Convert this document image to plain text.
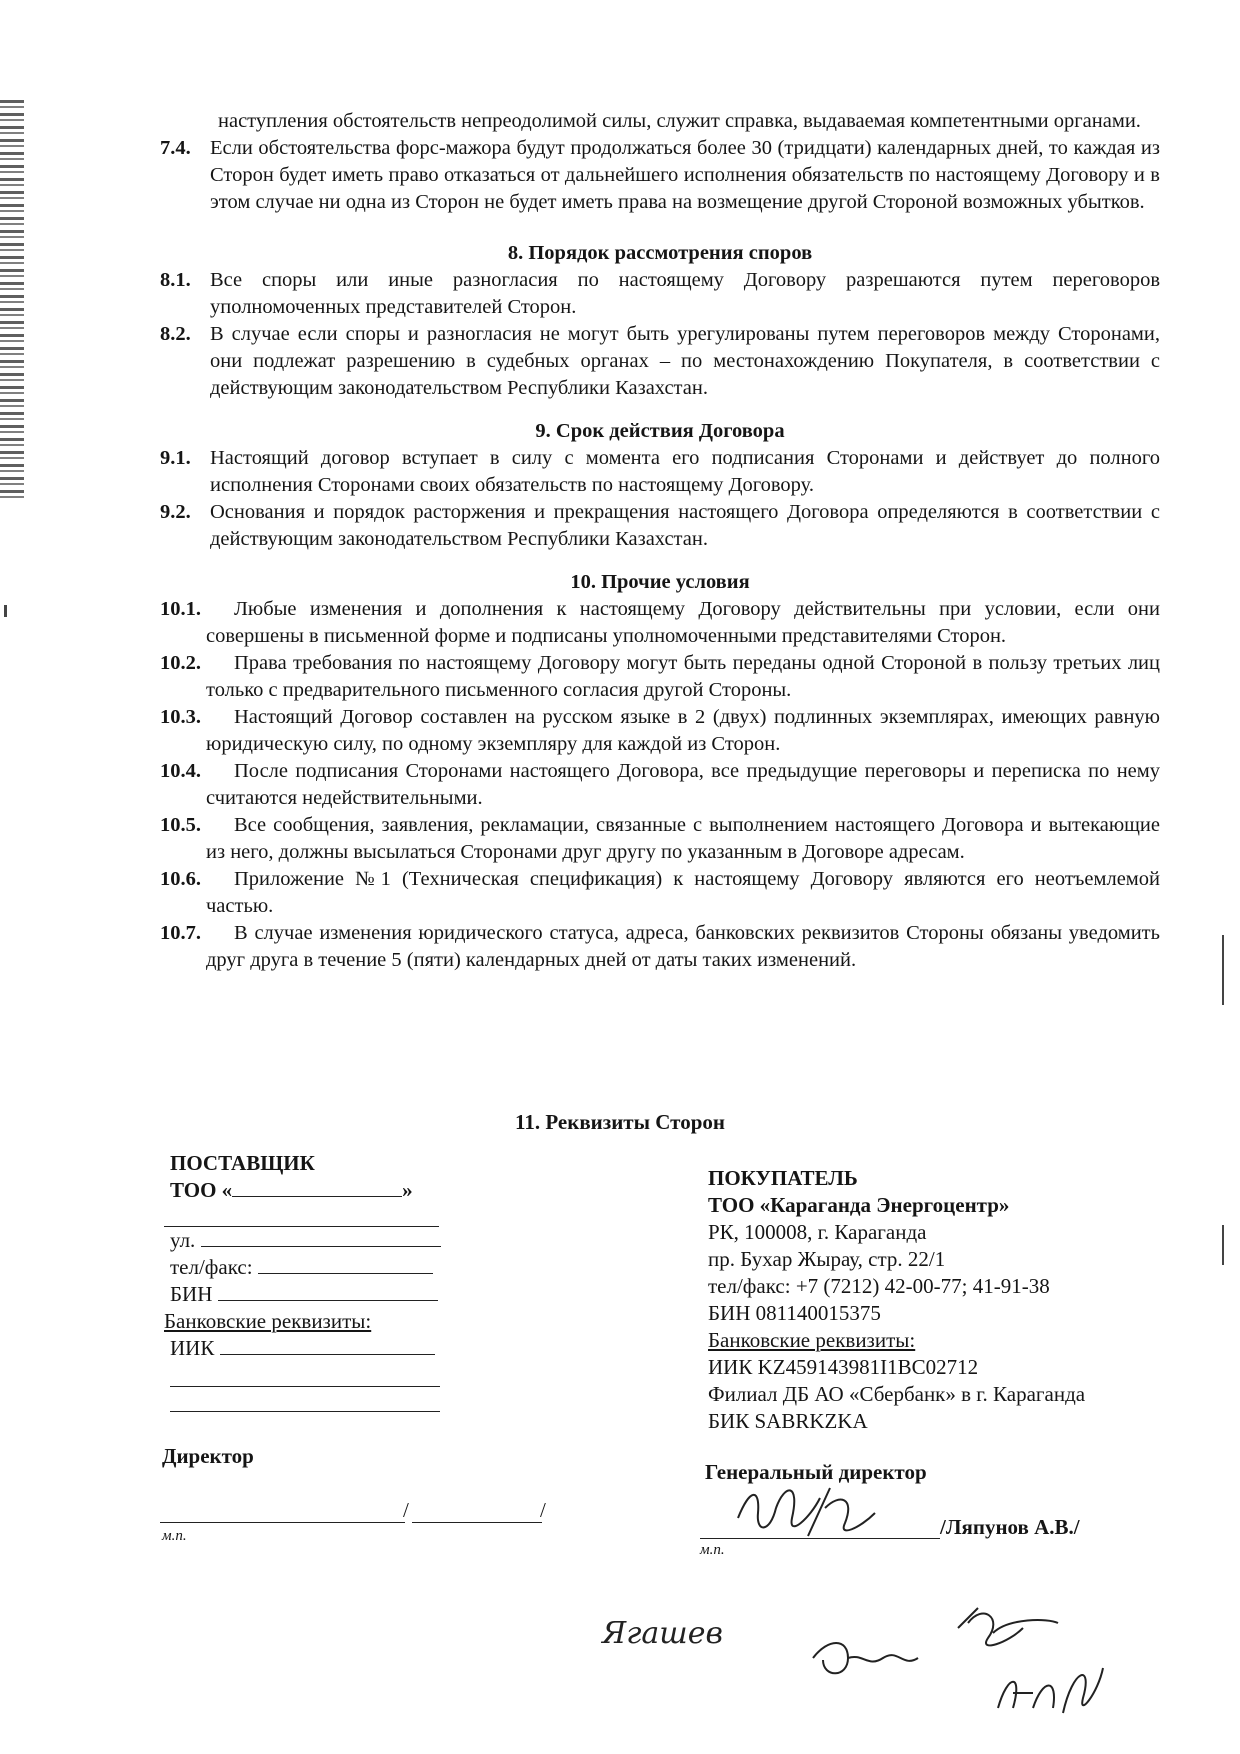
наступления обстоятельств непреодолимой силы, служит справка, выдаваемая компетентными органами.
7.4. Если обстоятельства форс-мажора будут продолжаться более 30 (тридцати) календарных дней, то каждая из Сторон будет иметь право отказаться от дальнейшего исполнения обязательств по настоящему Договору и в этом случае ни одна из Сторон не будет иметь права на возмещение другой Стороной возможных убытков.
8. Порядок рассмотрения споров
8.1. Все споры или иные разногласия по настоящему Договору разрешаются путем переговоров уполномоченных представителей Сторон.
8.2. В случае если споры и разногласия не могут быть урегулированы путем переговоров между Сторонами, они подлежат разрешению в судебных органах – по местонахождению Покупателя, в соответствии с действующим законодательством Республики Казахстан.
9. Срок действия Договора
9.1. Настоящий договор вступает в силу с момента его подписания Сторонами и действует до полного исполнения Сторонами своих обязательств по настоящему Договору.
9.2. Основания и порядок расторжения и прекращения настоящего Договора определяются в соответствии с действующим законодательством Республики Казахстан.
10. Прочие условия
10.1.	Любые изменения и дополнения к настоящему Договору действительны при условии, если они совершены в письменной форме и подписаны уполномоченными представителями Сторон.
10.2.	Права требования по настоящему Договору могут быть переданы одной Стороной в пользу третьих лиц только с предварительного письменного согласия другой Стороны.
10.3.	Настоящий Договор составлен на русском языке в 2 (двух) подлинных экземплярах, имеющих равную юридическую силу, по одному экземпляру для каждой из Сторон.
10.4.	После подписания Сторонами настоящего Договора, все предыдущие переговоры и переписка по нему считаются недействительными.
10.5.	Все сообщения, заявления, рекламации, связанные с выполнением настоящего Договора и вытекающие из него, должны высылаться Сторонами друг другу по указанным в Договоре адресам.
10.6.	Приложение №1 (Техническая спецификация) к настоящему Договору являются его неотъемлемой частью.
10.7.	В случае изменения юридического статуса, адреса, банковских реквизитов Стороны обязаны уведомить друг друга в течение 5 (пяти) календарных дней от даты таких изменений.
11. Реквизиты Сторон
ПОСТАВЩИК
ТОО «	»
ул.
тел/факс:
БИН
Банковские реквизиты:
ИИК
ПОКУПАТЕЛЬ
ТОО «Караганда Энергоцентр»
РК, 100008, г. Караганда
пр. Бухар Жырау, стр. 22/1
тел/факс: +7 (7212) 42-00-77; 41-91-38
БИН 081140015375
Банковские реквизиты:
ИИК KZ459143981I1BC02712
Филиал ДБ АО «Сбербанк» в г. Караганда
БИК SABRKZKA
Директор
Генеральный директор
/	/
м.п.	/Ляпунов А.В./
м.п.
Ягашев
